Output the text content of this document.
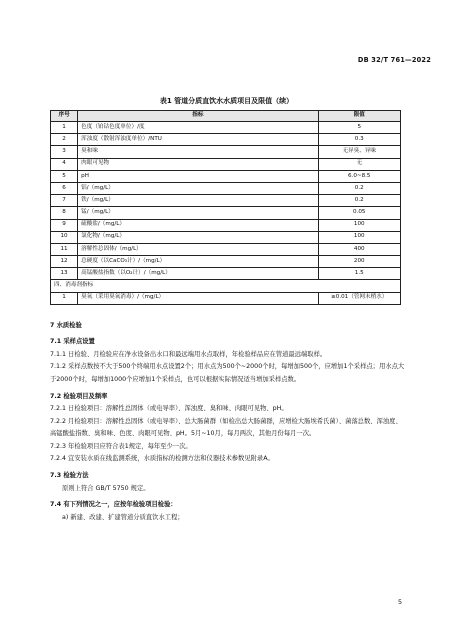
DB 32/T 761—2022
表1 管道分质直饮水水质项目及限值（续）
序号	指标	限值
1	色度（铂钴色度单位）/度	5
2	浑浊度（散射浑浊度单位）/NTU	0.3
3	臭和味	无异臭、异味
4	肉眼可见物	无
5	pH	6.0~8.5
6	铝/（mg/L）	0.2
7	铁/（mg/L）	0.2
8	锰/（mg/L）	0.05
9	硫酸盐/（mg/L）	100
10	氯化物/（mg/L）	100
11	溶解性总固体/（mg/L）	400
12	总硬度（以CaCO₃计）/（mg/L）	200
13	高锰酸盐指数（以O₂计）/（mg/L）	1.5
四、消毒剂指标		
1	臭氧（采用臭氧消毒）/（mg/L）	≥0.01（管网末梢水）
7 水质检验
7.1 采样点设置
7.1.1 日检验、月检验应在净水设备出水口和最远端用水点取样，年检验样品应在管道最远端取样。
7.1.2 采样点数按不大于500个终端用水点设置2个；用水点为500个~2000个时，每增加500个，应增加1个采样点；用水点大于2000个时，每增加1000个应增加1个采样点，也可以根据实际情况适当增加采样点数。
7.2 检验项目及频率
7.2.1 日检验项目：溶解性总固体（或电导率）、浑浊度、臭和味、肉眼可见物、pH。
7.2.2 月检验项目：溶解性总固体（或电导率）、总大肠菌群（如检出总大肠菌群，应增检大肠埃希氏菌）、菌落总数、浑浊度、高锰酸盐指数、臭和味、色度、肉眼可见物、pH。5月~10月，每月两次，其他月份每月一次。
7.2.3 年检验项目应符合表1规定，每年至少一次。
7.2.4 宜安装水质在线监测系统，水质指标的检测方法和仪器技术参数见附录A。
7.3 检验方法
原则上符合 GB/T 5750 规定。
7.4 有下列情况之一，应按年检验项目检验：
a) 新建、改建、扩建管道分质直饮水工程；
5
